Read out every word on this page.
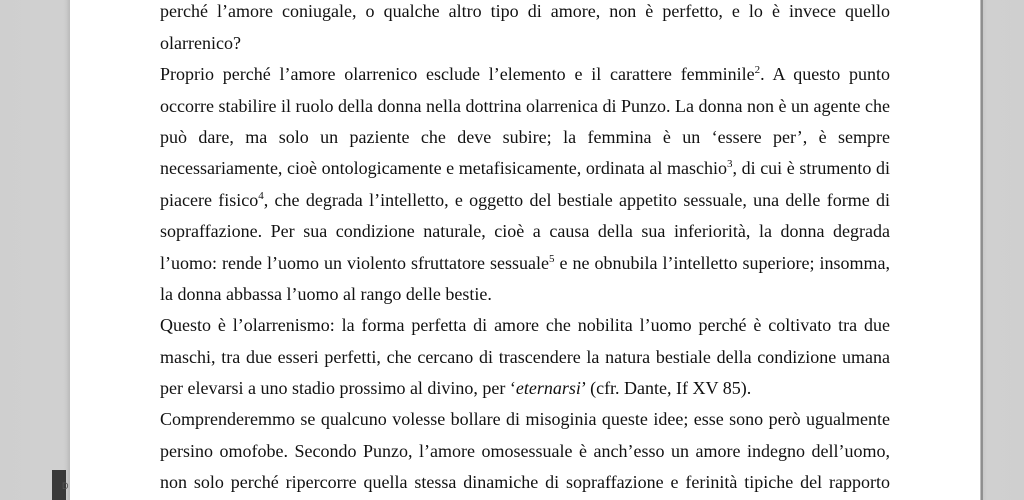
D
perché l’amore coniugale, o qualche altro tipo di amore, non è perfetto, e lo è invece quello
olarrenico?
Proprio perché l’amore olarrenico esclude l’elemento e il carattere femminile$^2$. A questo punto
occorre stabilire il ruolo della donna nella dottrina olarrenica di Punzo. La donna non è un agente che
può dare, ma solo un paziente che deve subire; la femmina è un ‘essere per’, è sempre
necessariamente, cioè ontologicamente e metafisicamente, ordinata al maschio$^3$, di cui è strumento di
piacere fisico$^4$, che degrada l’intelletto, e oggetto del bestiale appetito sessuale, una delle forme di
sopraffazione. Per sua condizione naturale, cioè a causa della sua inferiorità, la donna degrada
l’uomo: rende l’uomo un violento sfruttatore sessuale$^5$ e ne obnubila l’intelletto superiore; insomma,
la donna abbassa l’uomo al rango delle bestie.
Questo è l’olarrenismo: la forma perfetta di amore che nobilita l’uomo perché è coltivato tra due
maschi, tra due esseri perfetti, che cercano di trascendere la natura bestiale della condizione umana
per elevarsi a uno stadio prossimo al divino, per ‘eternarsi’ (cfr. Dante, If XV 85).
Comprenderemmo se qualcuno volesse bollare di misoginia queste idee; esse sono però ugualmente
persino omofobe. Secondo Punzo, l’amore omosessuale è anch’esso un amore indegno dell’uomo,
non solo perché ripercorre quella stessa dinamiche di sopraffazione e ferinità tipiche del rapporto
